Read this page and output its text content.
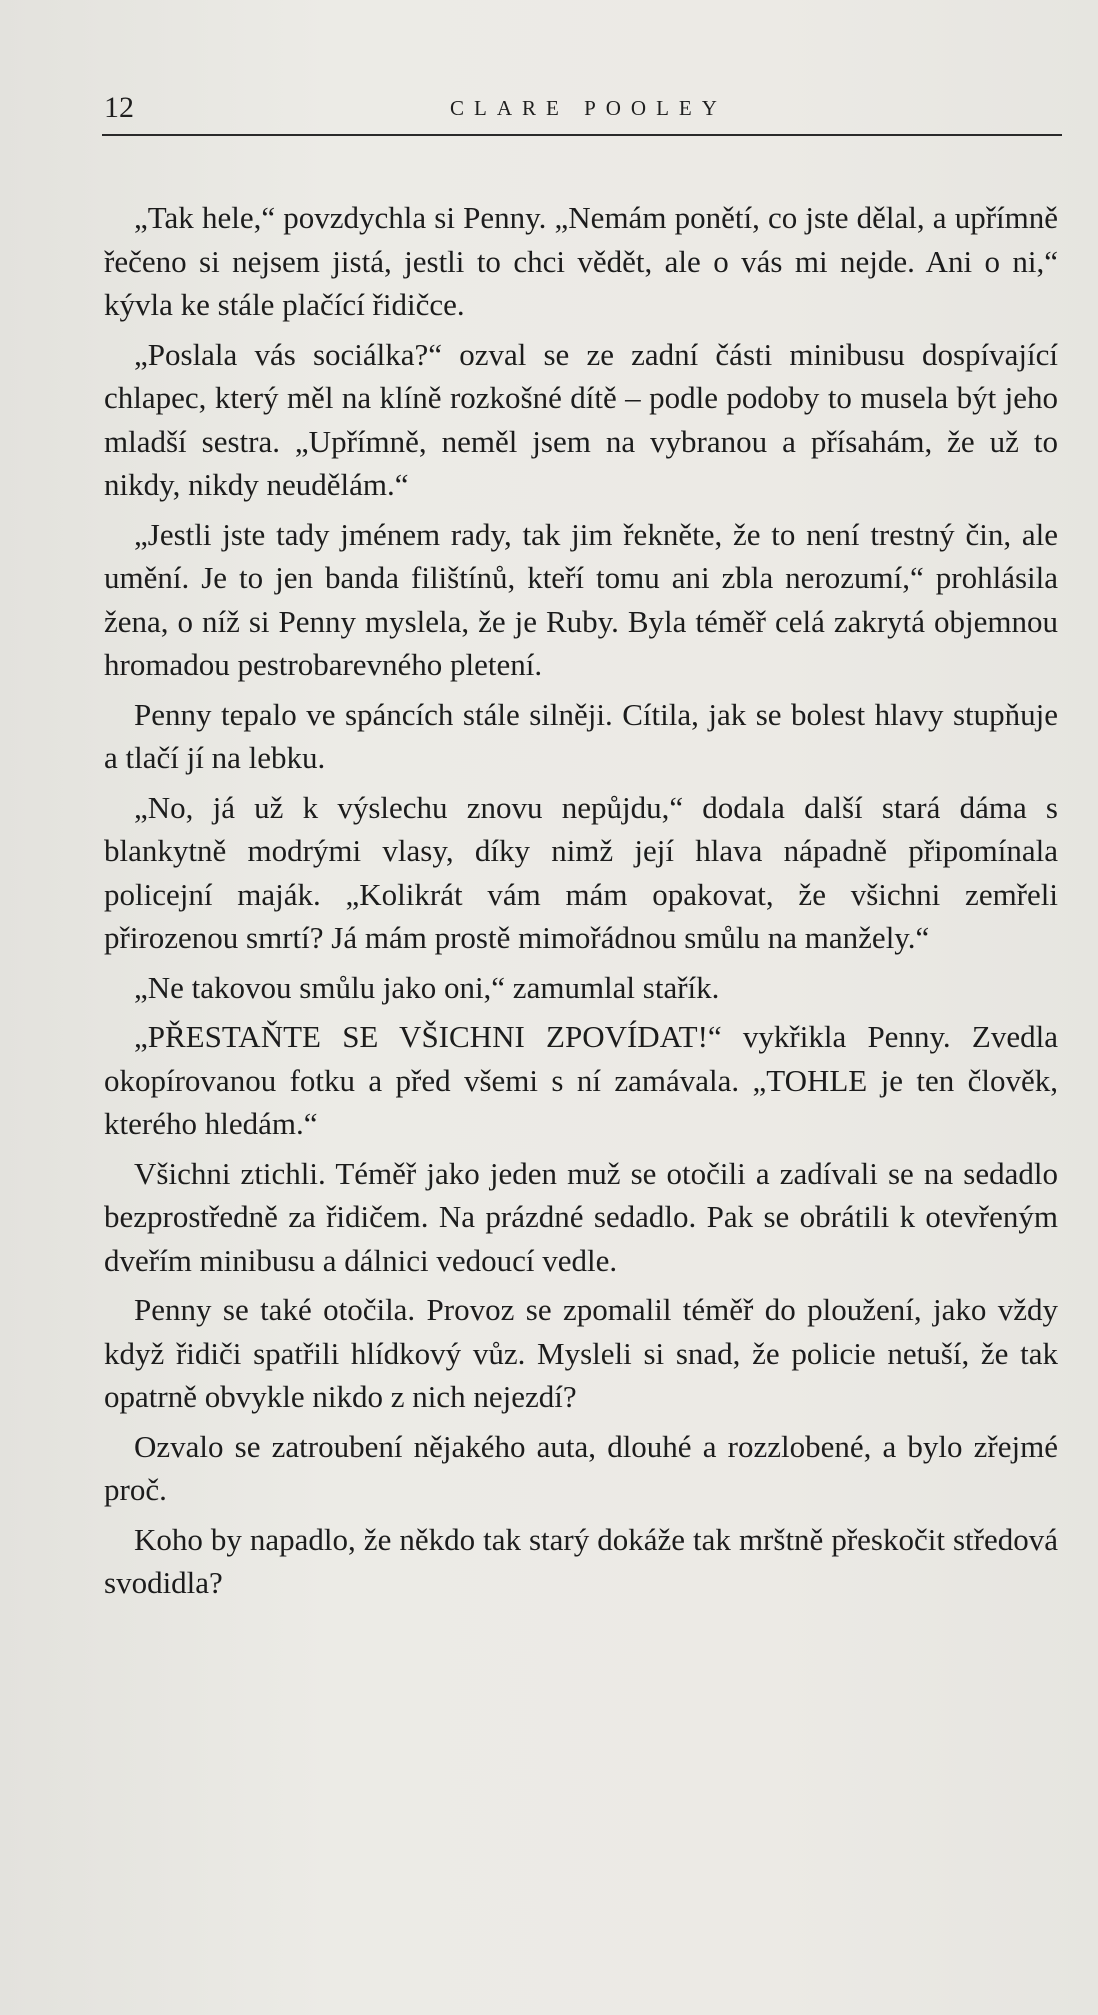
12	CLARE POOLEY

„Tak hele,“ povzdychla si Penny. „Nemám ponětí, co jste dělal, a upřímně řečeno si nejsem jistá, jestli to chci vědět, ale o vás mi nejde. Ani o ni,“ kývla ke stále plačící řidičce.

„Poslala vás sociálka?“ ozval se ze zadní části minibusu dospívající chlapec, který měl na klíně rozkošné dítě – podle podoby to musela být jeho mladší sestra. „Upřímně, neměl jsem na vybranou a přísahám, že už to nikdy, nikdy neudělám.“

„Jestli jste tady jménem rady, tak jim řekněte, že to není trestný čin, ale umění. Je to jen banda filištínů, kteří tomu ani zbla nerozumí,“ prohlásila žena, o níž si Penny myslela, že je Ruby. Byla téměř celá zakrytá objemnou hromadou pestrobarevného pletení.

Penny tepalo ve spáncích stále silněji. Cítila, jak se bolest hlavy stupňuje a tlačí jí na lebku.

„No, já už k výslechu znovu nepůjdu,“ dodala další stará dáma s blankytně modrými vlasy, díky nimž její hlava nápadně připomínala policejní maják. „Kolikrát vám mám opakovat, že všichni zemřeli přirozenou smrtí? Já mám prostě mimořádnou smůlu na manžely.“

„Ne takovou smůlu jako oni,“ zamumlal stařík.

„PŘESTAŇTE SE VŠICHNI ZPOVÍDAT!“ vykřikla Penny. Zvedla okopírovanou fotku a před všemi s ní zamávala. „TOHLE je ten člověk, kterého hledám.“

Všichni ztichli. Téměř jako jeden muž se otočili a zadívali se na sedadlo bezprostředně za řidičem. Na prázdné sedadlo. Pak se obrátili k otevřeným dveřím minibusu a dálnici vedoucí vedle.

Penny se také otočila. Provoz se zpomalil téměř do ploužení, jako vždy když řidiči spatřili hlídkový vůz. Mysleli si snad, že policie netuší, že tak opatrně obvykle nikdo z nich nejezdí?

Ozvalo se zatroubení nějakého auta, dlouhé a rozzlobené, a bylo zřejmé proč.

Koho by napadlo, že někdo tak starý dokáže tak mrštně přeskočit středová svodidla?
